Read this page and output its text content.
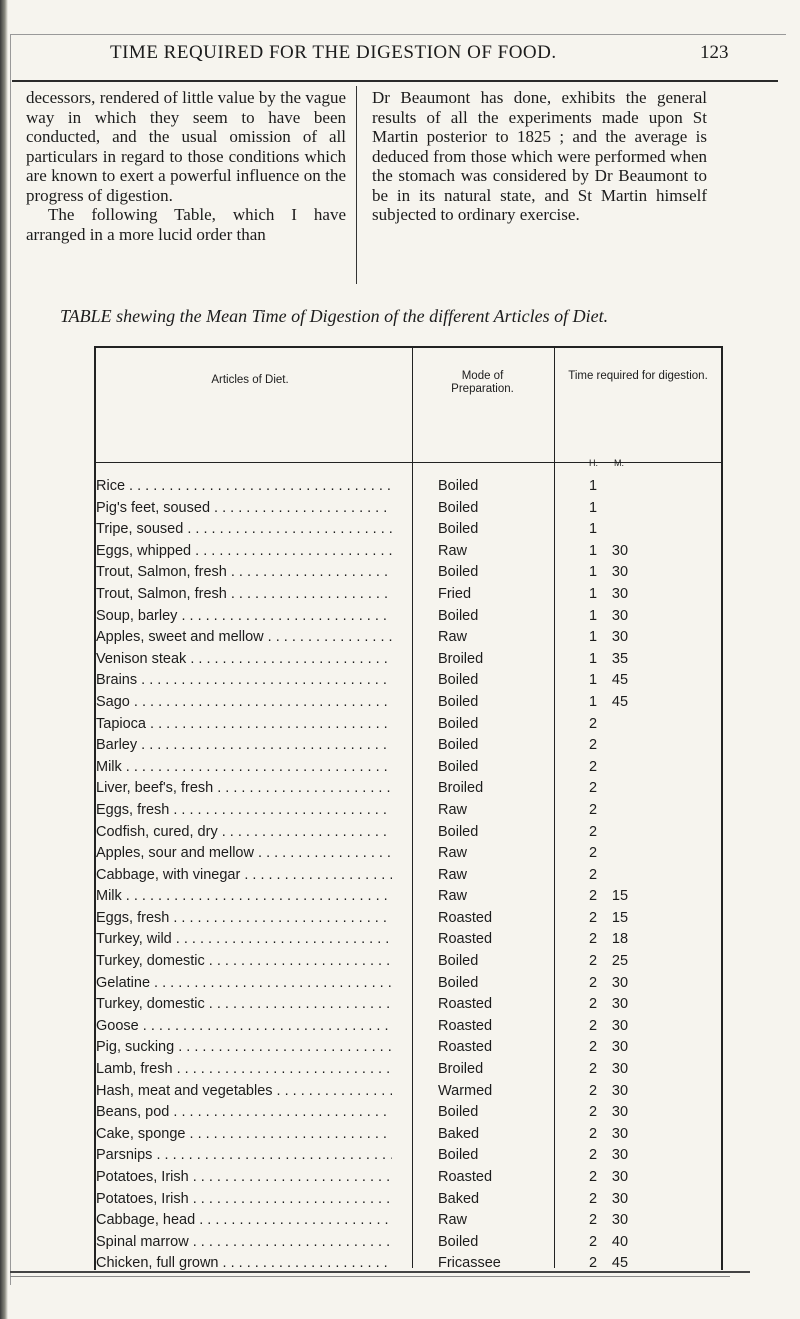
TIME REQUIRED FOR THE DIGESTION OF FOOD.	123
decessors, rendered of little value by the vague way in which they seem to have been conducted, and the usual omission of all particulars in regard to those conditions which are known to exert a powerful influence on the progress of digestion.
The following Table, which I have arranged in a more lucid order than
Dr Beaumont has done, exhibits the general results of all the experiments made upon St Martin posterior to 1825 ; and the average is deduced from those which were performed when the stomach was considered by Dr Beaumont to be in its natural state, and St Martin himself subjected to ordinary exercise.
TABLE shewing the Mean Time of Digestion of the different Articles of Diet.
Articles of Diet.	Mode of Preparation.
Time required for digestion.
H. M.
Rice . . .	Boiled	1
Pig's feet, soused . . .	Boiled	1
Tripe, soused . . .	Boiled	1
Eggs, whipped . . .	Raw	1	30
Trout, Salmon, fresh . . .	Boiled	1	30
Trout, Salmon, fresh . . .	Fried	1	30
Soup, barley . . .	Boiled	1	30
Apples, sweet and mellow . . .	Raw	1	30
Venison steak . . .	Broiled	1	35
Brains . . .	Boiled	1	45
Sago . . .	Boiled	1	45
Tapioca . . .	Boiled	2
Barley . . .	Boiled	2
Milk . . .	Boiled	2
Liver, beef's, fresh . . .	Broiled	2
Eggs, fresh . . .	Raw	2
Codfish, cured, dry . . .	Boiled	2
Apples, sour and mellow . . .	Raw	2
Cabbage, with vinegar . . .	Raw	2
Milk . . .	Raw	2	15
Eggs, fresh . . .	Roasted	2	15
Turkey, wild . . .	Roasted	2	18
Turkey, domestic . . .	Boiled	2	25
Gelatine . . .	Boiled	2	30
Turkey, domestic . . .	Roasted	2	30
Goose . . .	Roasted	2	30
Pig, sucking . . .	Roasted	2	30
Lamb, fresh . . .	Broiled	2	30
Hash, meat and vegetables . . .	Warmed	2	30
Beans, pod . . .	Boiled	2	30
Cake, sponge . . .	Baked	2	30
Parsnips . . .	Boiled	2	30
Potatoes, Irish . . .	Roasted	2	30
Potatoes, Irish . . .	Baked	2	30
Cabbage, head . . .	Raw	2	30
Spinal marrow . . .	Boiled	2	40
Chicken, full grown . . .	Fricassee	2	45
